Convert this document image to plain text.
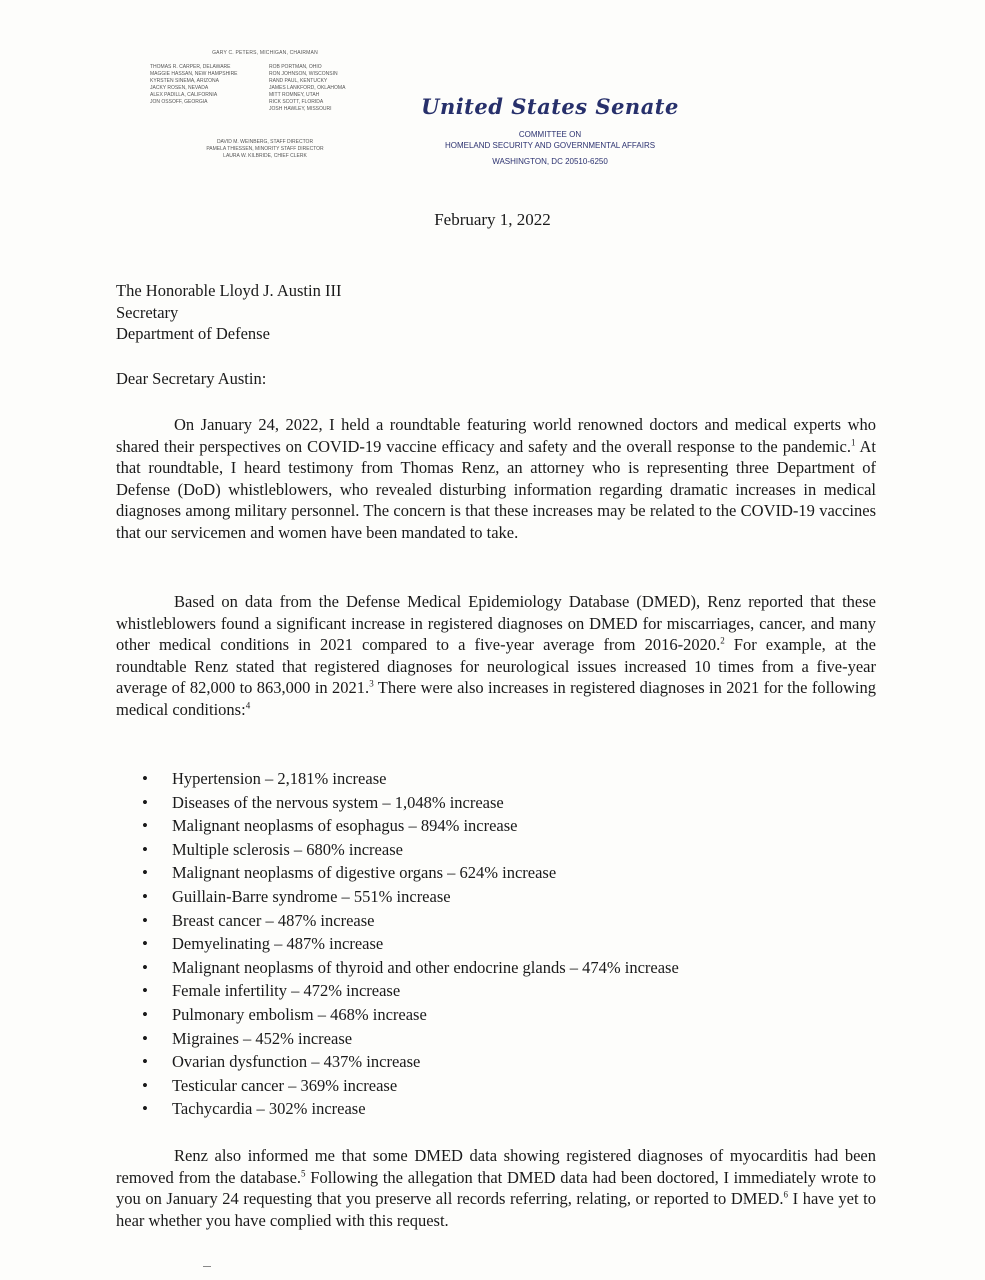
GARY C. PETERS, MICHIGAN, CHAIRMAN
THOMAS R. CARPER, DELAWARE
MAGGIE HASSAN, NEW HAMPSHIRE
KYRSTEN SINEMA, ARIZONA
JACKY ROSEN, NEVADA
ALEX PADILLA, CALIFORNIA
JON OSSOFF, GEORGIA
ROB PORTMAN, OHIO
RON JOHNSON, WISCONSIN
RAND PAUL, KENTUCKY
JAMES LANKFORD, OKLAHOMA
MITT ROMNEY, UTAH
RICK SCOTT, FLORIDA
JOSH HAWLEY, MISSOURI
DAVID M. WEINBERG, STAFF DIRECTOR
PAMELA THIESSEN, MINORITY STAFF DIRECTOR
LAURA W. KILBRIDE, CHIEF CLERK
United States Senate
COMMITTEE ON
HOMELAND SECURITY AND GOVERNMENTAL AFFAIRS
WASHINGTON, DC 20510-6250
February 1, 2022
The Honorable Lloyd J. Austin III
Secretary
Department of Defense
Dear Secretary Austin:
On January 24, 2022, I held a roundtable featuring world renowned doctors and medical experts who shared their perspectives on COVID-19 vaccine efficacy and safety and the overall response to the pandemic.$^1$ At that roundtable, I heard testimony from Thomas Renz, an attorney who is representing three Department of Defense (DoD) whistleblowers, who revealed disturbing information regarding dramatic increases in medical diagnoses among military personnel. The concern is that these increases may be related to the COVID-19 vaccines that our servicemen and women have been mandated to take.
Based on data from the Defense Medical Epidemiology Database (DMED), Renz reported that these whistleblowers found a significant increase in registered diagnoses on DMED for miscarriages, cancer, and many other medical conditions in 2021 compared to a five-year average from 2016-2020.$^2$ For example, at the roundtable Renz stated that registered diagnoses for neurological issues increased 10 times from a five-year average of 82,000 to 863,000 in 2021.$^3$ There were also increases in registered diagnoses in 2021 for the following medical conditions:$^4$
• Hypertension – 2,181% increase
• Diseases of the nervous system – 1,048% increase
• Malignant neoplasms of esophagus – 894% increase
• Multiple sclerosis – 680% increase
• Malignant neoplasms of digestive organs – 624% increase
• Guillain-Barre syndrome – 551% increase
• Breast cancer – 487% increase
• Demyelinating – 487% increase
• Malignant neoplasms of thyroid and other endocrine glands – 474% increase
• Female infertility – 472% increase
• Pulmonary embolism – 468% increase
• Migraines – 452% increase
• Ovarian dysfunction – 437% increase
• Testicular cancer – 369% increase
• Tachycardia – 302% increase
Renz also informed me that some DMED data showing registered diagnoses of myocarditis had been removed from the database.$^5$ Following the allegation that DMED data had been doctored, I immediately wrote to you on January 24 requesting that you preserve all records referring, relating, or reported to DMED.$^6$ I have yet to hear whether you have complied with this request.
